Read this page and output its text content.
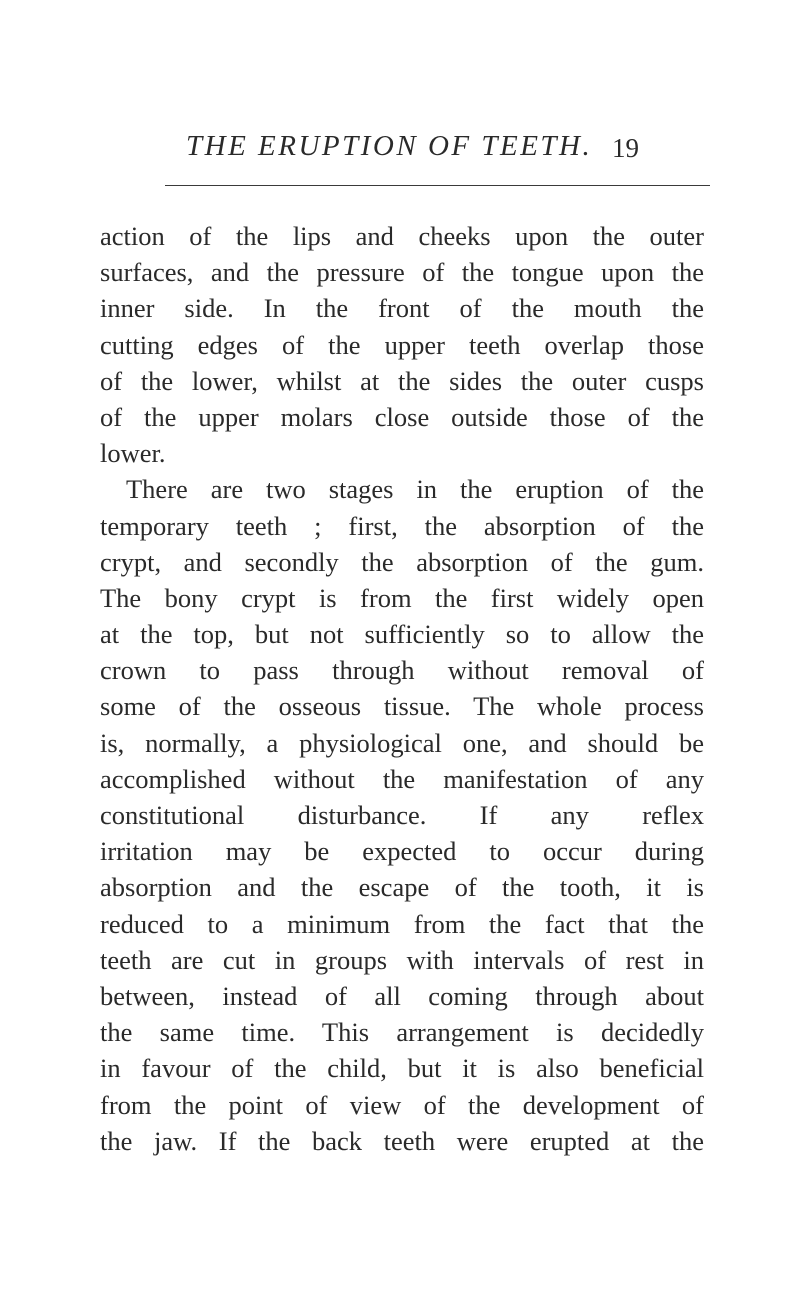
THE ERUPTION OF TEETH. 19
action of the lips and cheeks upon the outer
surfaces, and the pressure of the tongue upon the
inner side. In the front of the mouth the
cutting edges of the upper teeth overlap those
of the lower, whilst at the sides the outer cusps
of the upper molars close outside those of the
lower.
There are two stages in the eruption of the
temporary teeth ; first, the absorption of the
crypt, and secondly the absorption of the gum.
The bony crypt is from the first widely open
at the top, but not sufficiently so to allow the
crown to pass through without removal of
some of the osseous tissue. The whole process
is, normally, a physiological one, and should be
accomplished without the manifestation of any
constitutional disturbance. If any reflex
irritation may be expected to occur during
absorption and the escape of the tooth, it is
reduced to a minimum from the fact that the
teeth are cut in groups with intervals of rest in
between, instead of all coming through about
the same time. This arrangement is decidedly
in favour of the child, but it is also beneficial
from the point of view of the development of
the jaw. If the back teeth were erupted at the
